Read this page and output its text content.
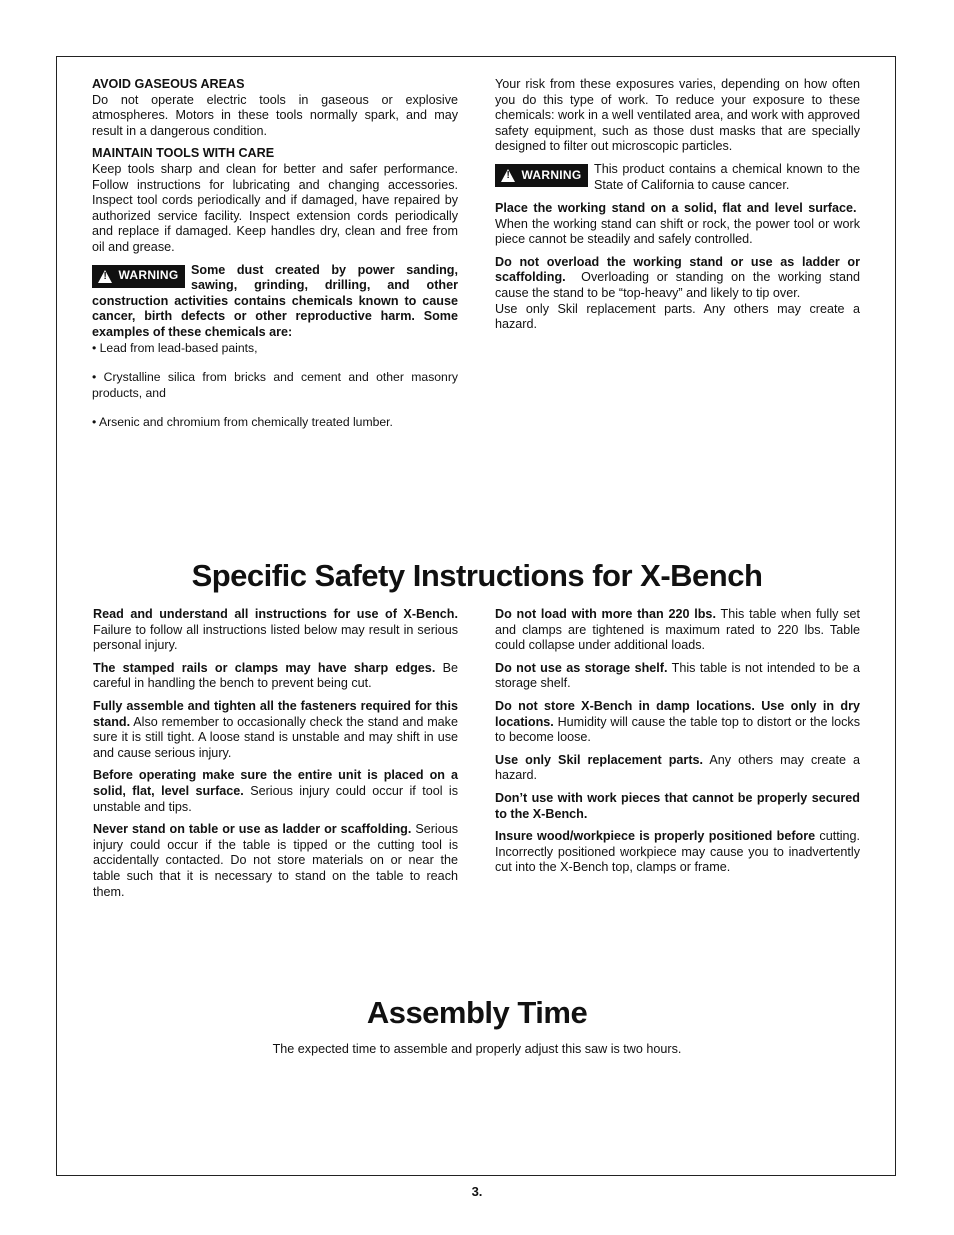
AVOID GASEOUS AREAS
Do not operate electric tools in gaseous or explosive atmospheres. Motors in these tools normally spark, and may result in a dangerous condition.

MAINTAIN TOOLS WITH CARE
Keep tools sharp and clean for better and safer performance. Follow instructions for lubricating and changing accessories. Inspect tool cords periodically and if damaged, have repaired by authorized service facility. Inspect extension cords periodically and replace if damaged. Keep handles dry, clean and free from oil and grease.

!
WARNING Some dust created by power sanding, sawing, grinding, drilling, and other construction activities contains chemicals known to cause cancer, birth defects or other reproductive harm. Some examples of these chemicals are:

• Lead from lead-based paints,

• Crystalline silica from bricks and cement and other masonry products, and

• Arsenic and chromium from chemically treated lumber.

Your risk from these exposures varies, depending on how often you do this type of work. To reduce your exposure to these chemicals: work in a well ventilated area, and work with approved safety equipment, such as those dust masks that are specially designed to filter out microscopic particles.

!
WARNING This product contains a chemical known to the State of California to cause cancer.

Place the working stand on a solid, flat and level surface.  When the working stand can shift or rock, the power tool or work piece cannot be steadily and safely controlled.

Do not overload the working stand or use as ladder or scaffolding. Overloading or standing on the working stand cause the stand to be “top-heavy” and likely to tip over.

Use only Skil replacement parts. Any others may create a hazard.

Specific Safety Instructions for X-Bench

Read and understand all instructions for use of X-Bench. Failure to follow all instructions listed below may result in serious personal injury.

The stamped rails or clamps may have sharp edges. Be careful in handling the bench to prevent being cut.

Fully assemble and tighten all the fasteners required for this stand. Also remember to occasionally check the stand and make sure it is still tight. A loose stand is unstable and may shift in use and cause serious injury.

Before operating make sure the entire unit is placed on a solid, flat, level surface. Serious injury could occur if tool is unstable and tips.

Never stand on table or use as ladder or scaffolding. Serious injury could occur if the table is tipped or the cutting tool is accidentally contacted. Do not store materials on or near the table such that it is necessary to stand on the table to reach them.

Do not load with more than 220 lbs. This table when fully set and clamps are tightened is maximum rated to 220 lbs. Table could collapse under additional loads.

Do not use as storage shelf. This table is not intended to be a storage shelf.

Do not store X-Bench in damp locations. Use only in dry locations. Humidity will cause the table top to distort or the locks to become loose.

Use only Skil replacement parts. Any others may create a hazard.

Don’t use with work pieces that cannot be properly secured to the X-Bench.

Insure wood/workpiece is properly positioned before cutting. Incorrectly positioned workpiece may cause you to inadvertently cut into the X-Bench top, clamps or frame.

Assembly Time
The expected time to assemble and properly adjust this saw is two hours.
3.
